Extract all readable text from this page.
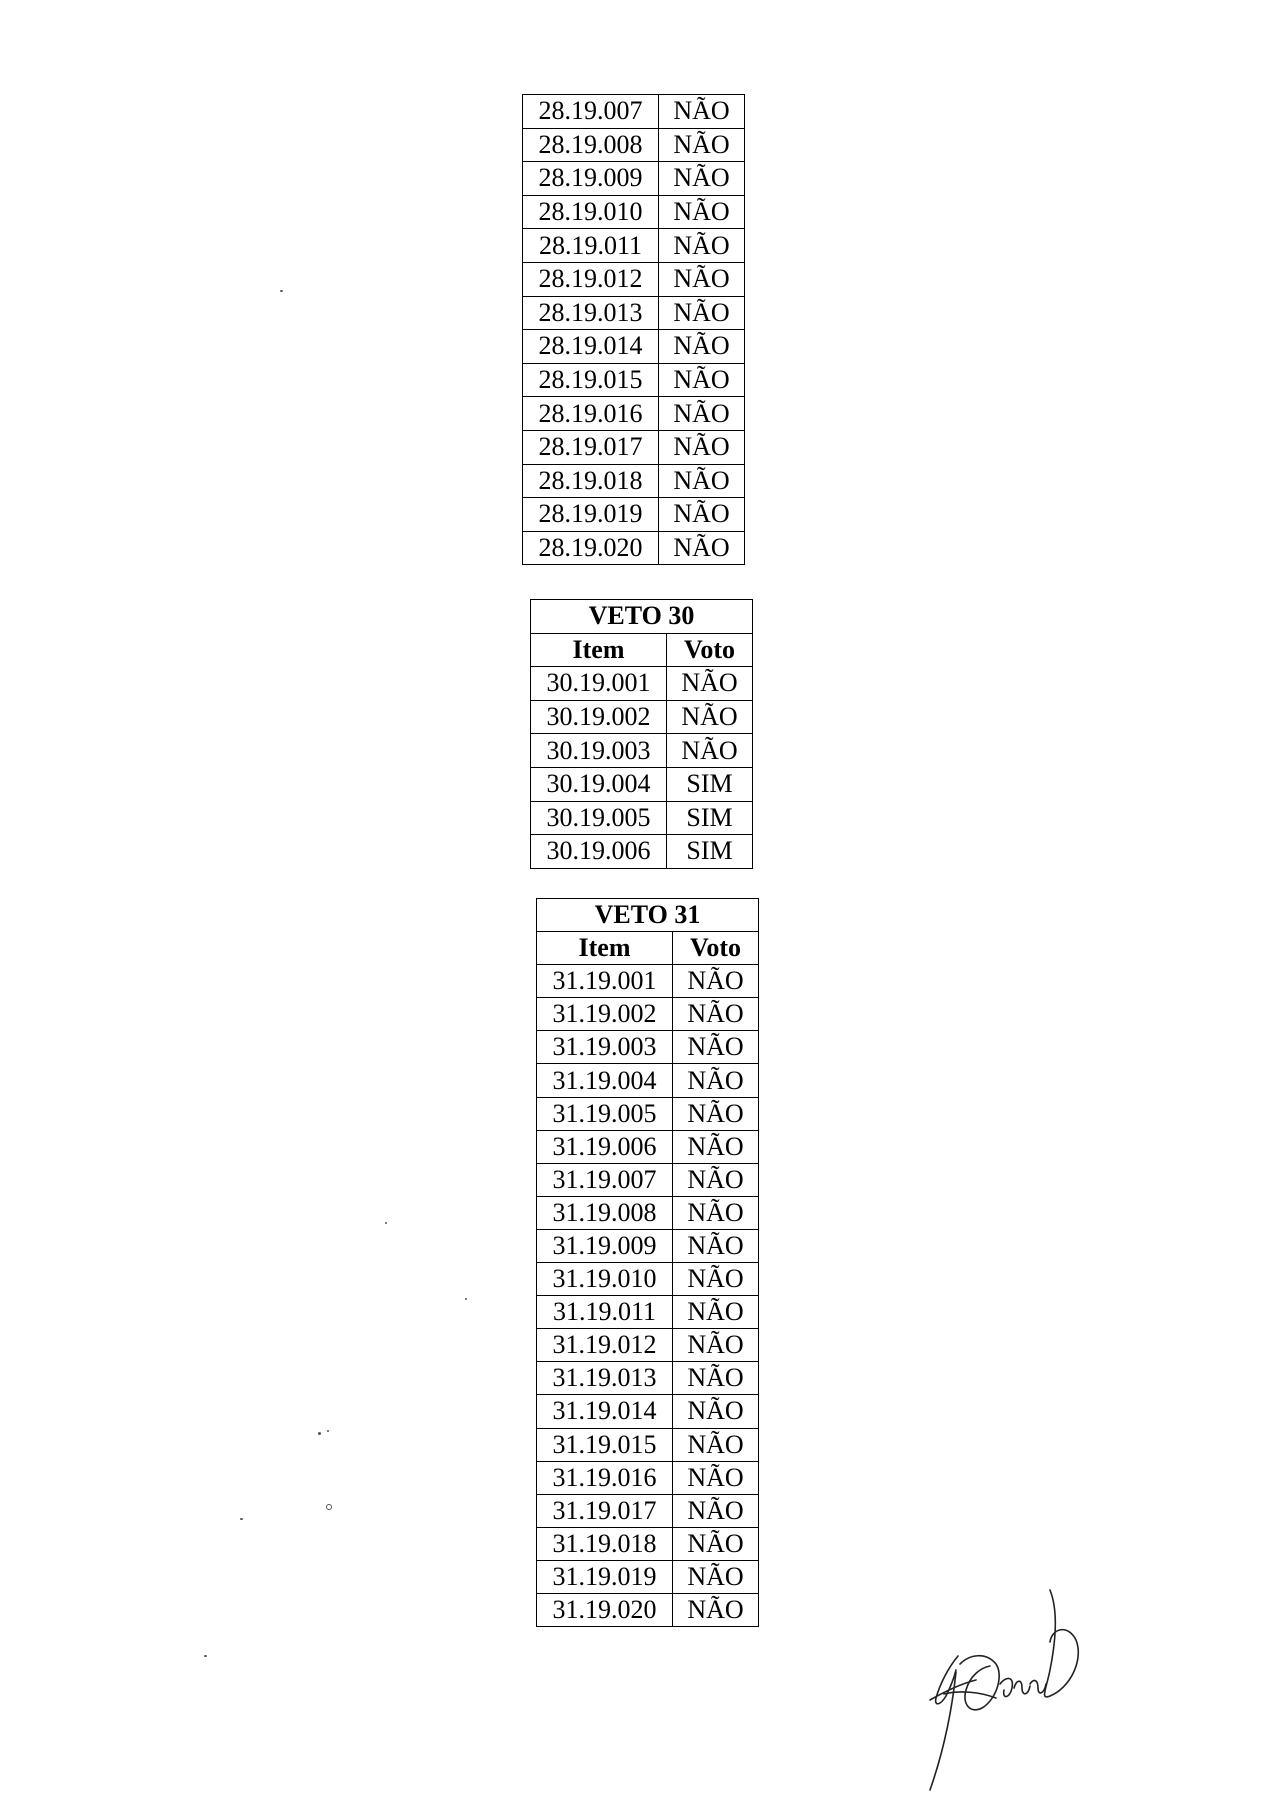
28.19.007	NÃO
28.19.008	NÃO
28.19.009	NÃO
28.19.010	NÃO
28.19.011	NÃO
28.19.012	NÃO
28.19.013	NÃO
28.19.014	NÃO
28.19.015	NÃO
28.19.016	NÃO
28.19.017	NÃO
28.19.018	NÃO
28.19.019	NÃO
28.19.020	NÃO
VETO 30	
Item	Voto
30.19.001	NÃO
30.19.002	NÃO
30.19.003	NÃO
30.19.004	SIM
30.19.005	SIM
30.19.006	SIM
VETO 31	
Item	Voto
31.19.001	NÃO
31.19.002	NÃO
31.19.003	NÃO
31.19.004	NÃO
31.19.005	NÃO
31.19.006	NÃO
31.19.007	NÃO
31.19.008	NÃO
31.19.009	NÃO
31.19.010	NÃO
31.19.011	NÃO
31.19.012	NÃO
31.19.013	NÃO
31.19.014	NÃO
31.19.015	NÃO
31.19.016	NÃO
31.19.017	NÃO
31.19.018	NÃO
31.19.019	NÃO
31.19.020	NÃO
